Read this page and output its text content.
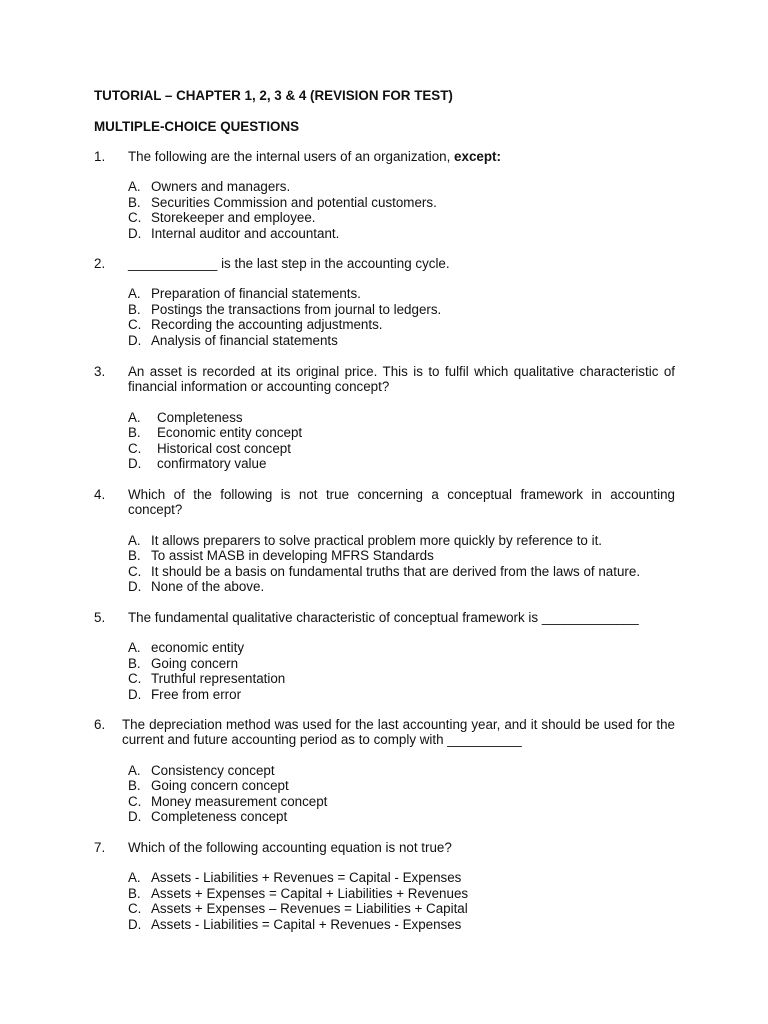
TUTORIAL – CHAPTER 1, 2, 3 & 4 (REVISION FOR TEST)
MULTIPLE-CHOICE QUESTIONS
1. The following are the internal users of an organization, except:
A. Owners and managers.
B. Securities Commission and potential customers.
C. Storekeeper and employee.
D. Internal auditor and accountant.
2. ____________ is the last step in the accounting cycle.
A. Preparation of financial statements.
B. Postings the transactions from journal to ledgers.
C. Recording the accounting adjustments.
D. Analysis of financial statements
3. An asset is recorded at its original price. This is to fulfil which qualitative characteristic of financial information or accounting concept?
A. Completeness
B. Economic entity concept
C. Historical cost concept
D. confirmatory value
4. Which of the following is not true concerning a conceptual framework in accounting concept?
A. It allows preparers to solve practical problem more quickly by reference to it.
B. To assist MASB in developing MFRS Standards
C. It should be a basis on fundamental truths that are derived from the laws of nature.
D. None of the above.
5. The fundamental qualitative characteristic of conceptual framework is _____________
A. economic entity
B. Going concern
C. Truthful representation
D. Free from error
6. The depreciation method was used for the last accounting year, and it should be used for the current and future accounting period as to comply with __________
A. Consistency concept
B. Going concern concept
C. Money measurement concept
D. Completeness concept
7. Which of the following accounting equation is not true?
A. Assets - Liabilities + Revenues = Capital - Expenses
B. Assets + Expenses = Capital + Liabilities + Revenues
C. Assets + Expenses – Revenues = Liabilities + Capital
D. Assets - Liabilities = Capital + Revenues - Expenses
